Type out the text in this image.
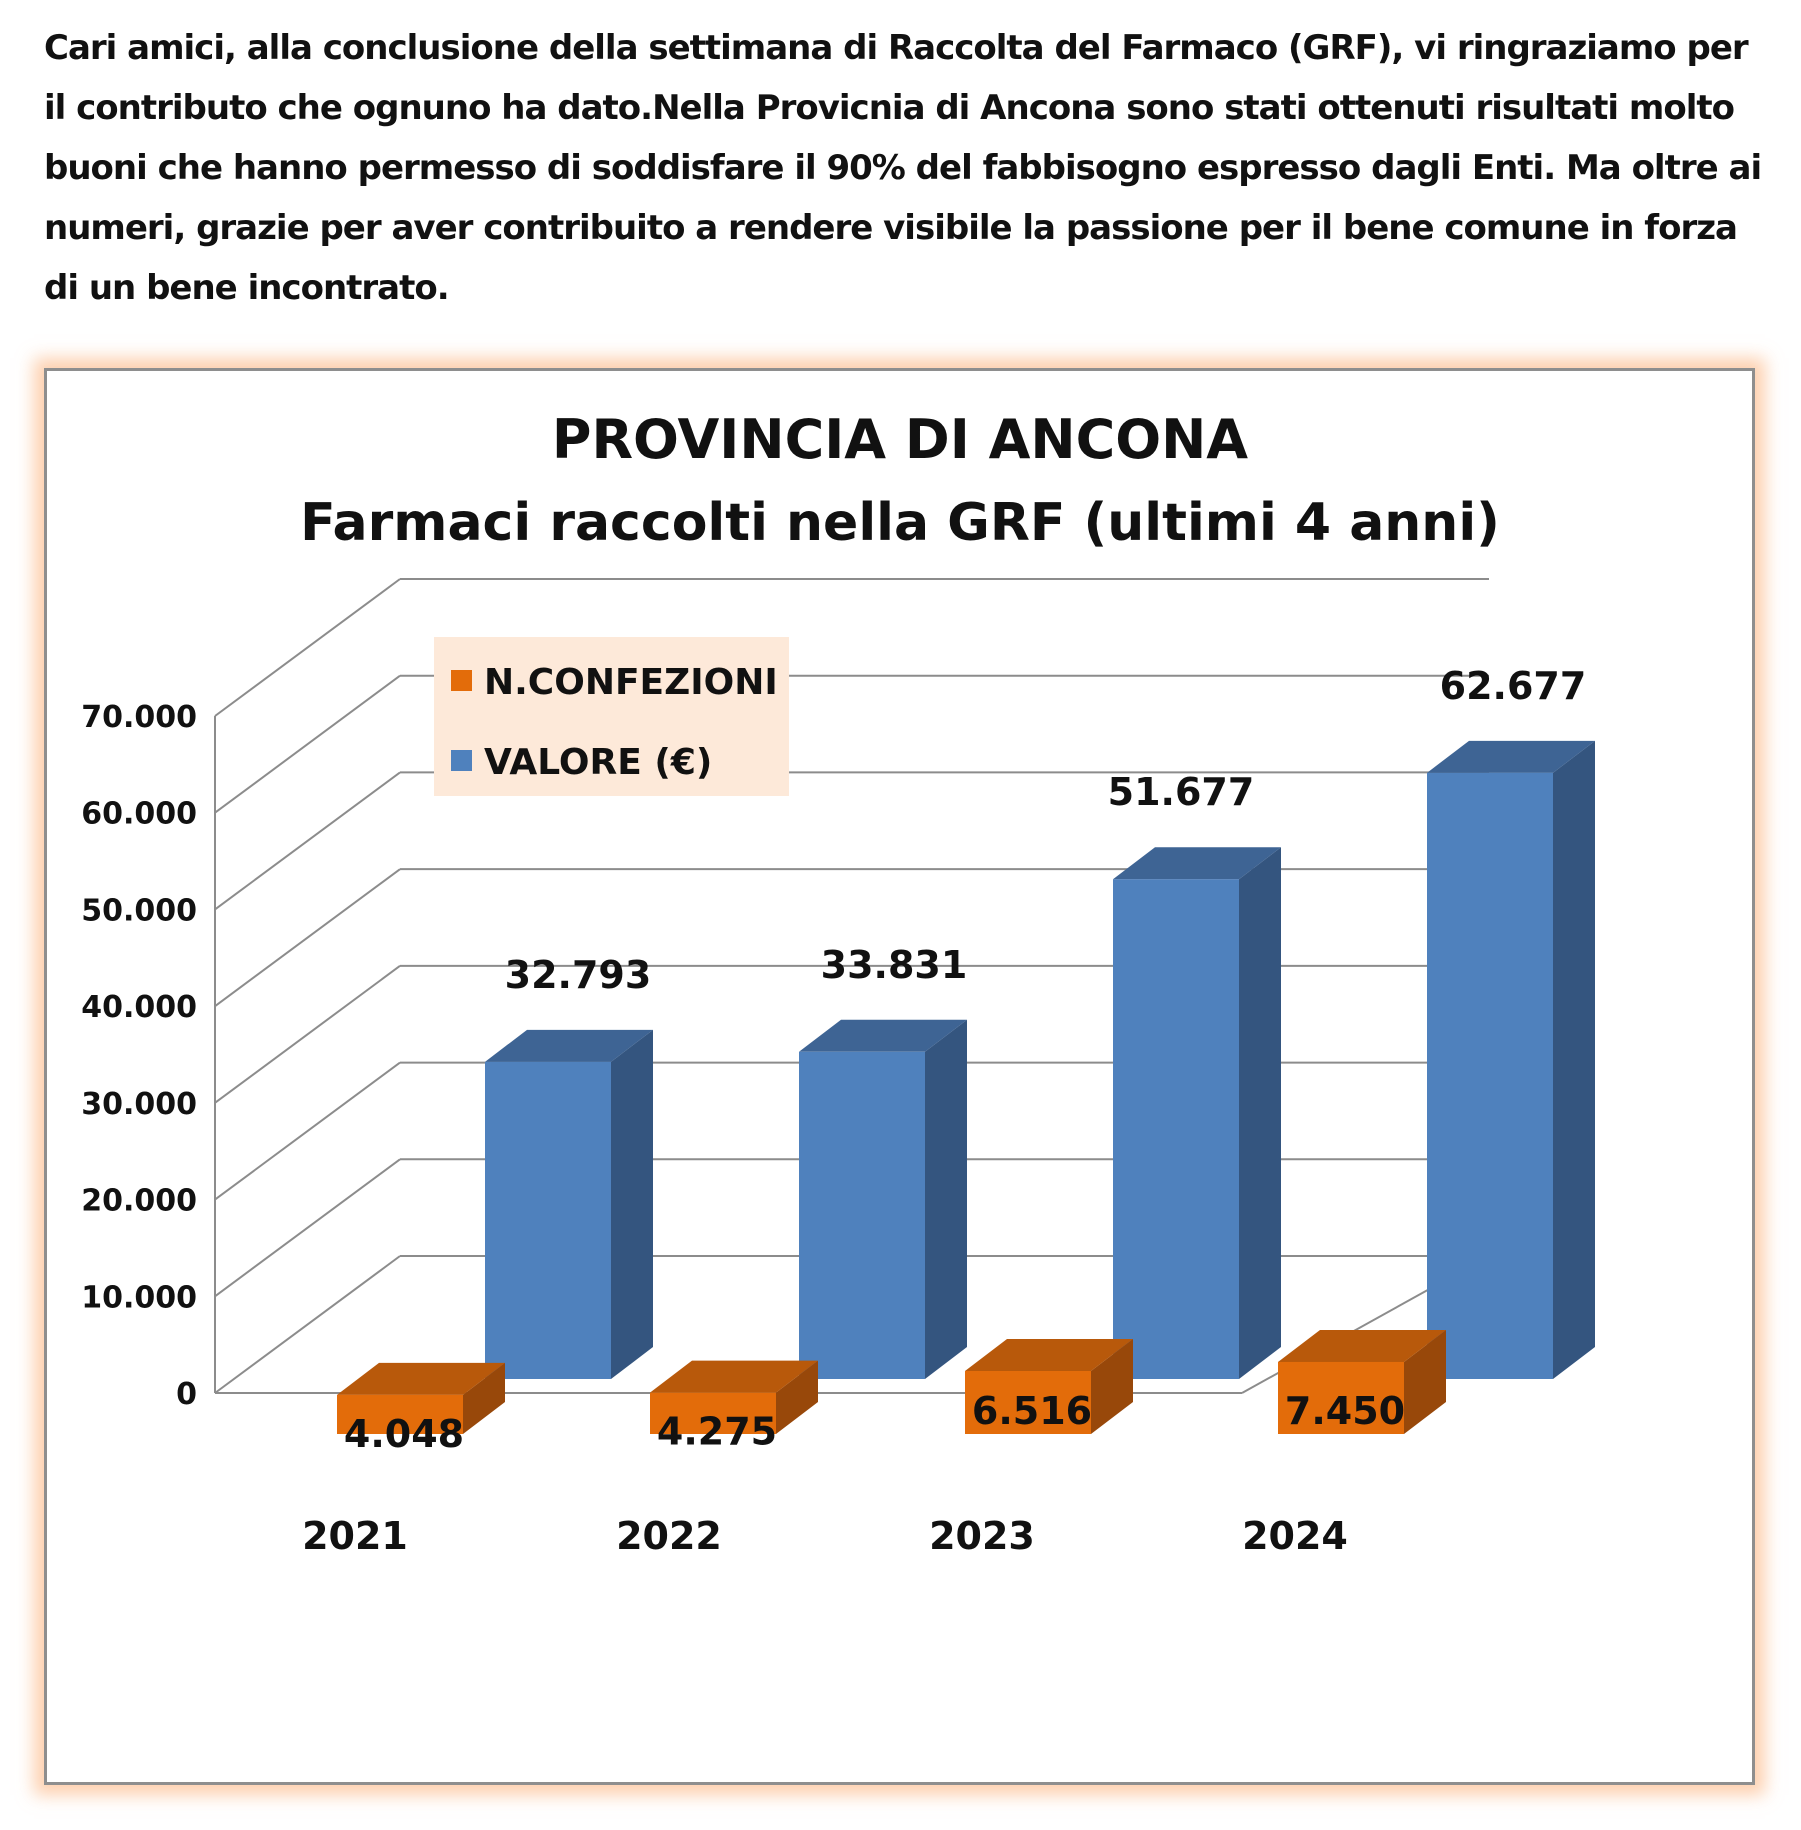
Cari amici, alla conclusione della settimana di Raccolta del Farmaco (GRF), vi ringraziamo per il contributo che ognuno ha dato.Nella Provicnia di Ancona sono stati ottenuti risultati molto buoni che hanno permesso di soddisfare il 90% del fabbisogno espresso dagli Enti. Ma oltre ai numeri, grazie per aver contribuito a rendere visibile la passione per il bene comune in forza di un bene incontrato.

0
10.000
20.000
30.000
40.000
50.000
60.000
70.000
2021	2022	2023	2024
32.793	33.831
51.677
62.677
4.048	4.275	6.516	7.450
PROVINCIA DI ANCONA
Farmaci raccolti nella GRF (ultimi 4 anni)
N.CONFEZIONI
VALORE (€)
